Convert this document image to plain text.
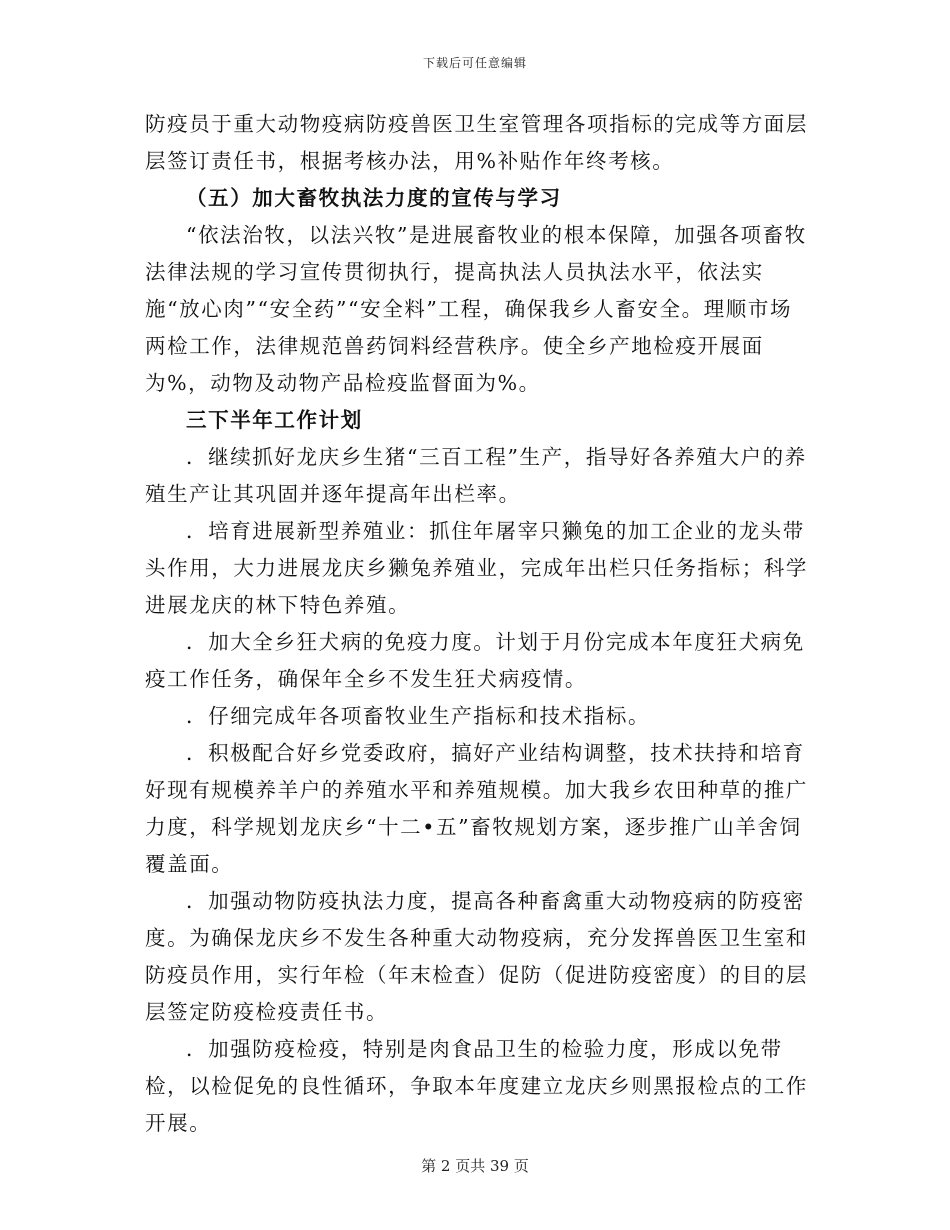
下载后可任意编辑

防疫员于重大动物疫病防疫兽医卫生室管理各项指标的完成等方面层层签订责任书，根据考核办法，用%补贴作年终考核。

（五）加大畜牧执法力度的宣传与学习

“依法治牧，以法兴牧”是进展畜牧业的根本保障，加强各项畜牧法律法规的学习宣传贯彻执行，提高执法人员执法水平，依法实施“放心肉”“安全药”“安全料”工程，确保我乡人畜安全。理顺市场两检工作，法律规范兽药饲料经营秩序。使全乡产地检疫开展面为%，动物及动物产品检疫监督面为%。

三下半年工作计划

．继续抓好龙庆乡生猪“三百工程”生产，指导好各养殖大户的养殖生产让其巩固并逐年提高年出栏率。

．培育进展新型养殖业：抓住年屠宰只獭兔的加工企业的龙头带头作用，大力进展龙庆乡獭兔养殖业，完成年出栏只任务指标；科学进展龙庆的林下特色养殖。

．加大全乡狂犬病的免疫力度。计划于月份完成本年度狂犬病免疫工作任务，确保年全乡不发生狂犬病疫情。

．仔细完成年各项畜牧业生产指标和技术指标。

．积极配合好乡党委政府，搞好产业结构调整，技术扶持和培育好现有规模养羊户的养殖水平和养殖规模。加大我乡农田种草的推广力度，科学规划龙庆乡“十二•五”畜牧规划方案，逐步推广山羊舍饲覆盖面。

．加强动物防疫执法力度，提高各种畜禽重大动物疫病的防疫密度。为确保龙庆乡不发生各种重大动物疫病，充分发挥兽医卫生室和防疫员作用，实行年检（年末检查）促防（促进防疫密度）的目的层层签定防疫检疫责任书。

．加强防疫检疫，特别是肉食品卫生的检验力度，形成以免带检，以检促免的良性循环，争取本年度建立龙庆乡则黑报检点的工作开展。

第 2 页共 39 页
